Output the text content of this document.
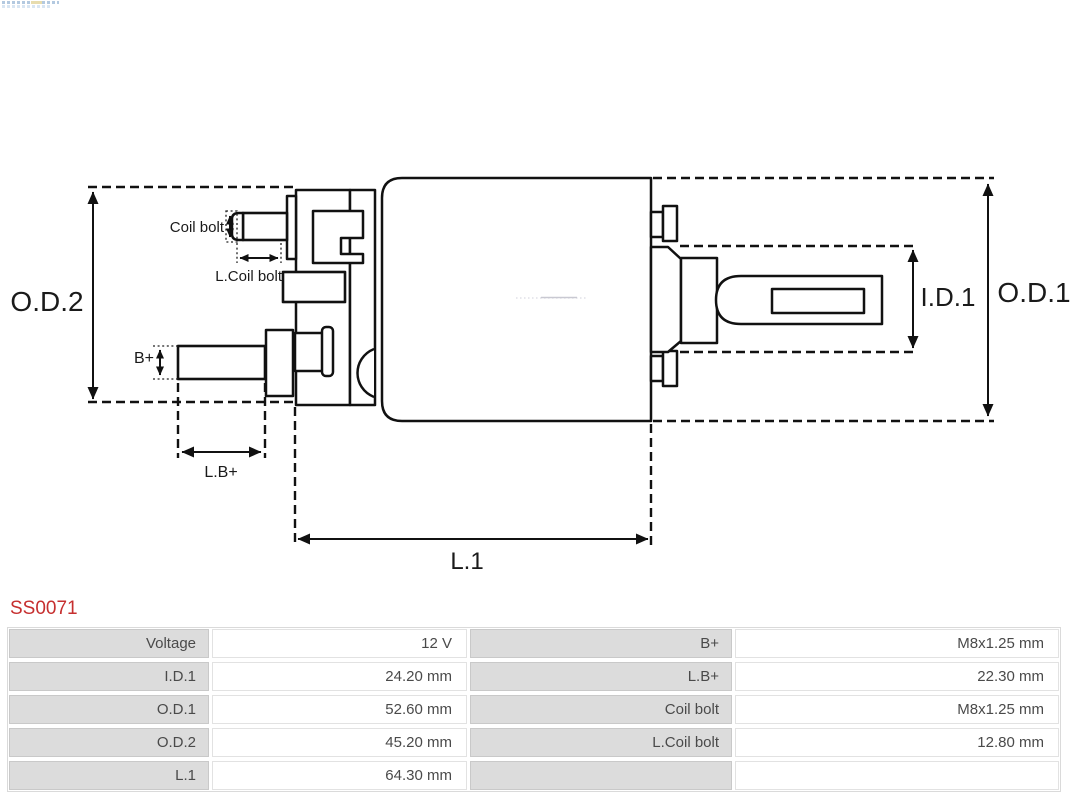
O.D.2	O.D.1
I.D.1
Coil bolt
L.Coil bolt
B+
L.B+
L.1
SS0071
Voltage	12 V	B+	M8x1.25 mm
I.D.1	24.20 mm	L.B+	22.30 mm
O.D.1	52.60 mm	Coil bolt	M8x1.25 mm
O.D.2	45.20 mm	L.Coil bolt	12.80 mm
L.1	64.30 mm
